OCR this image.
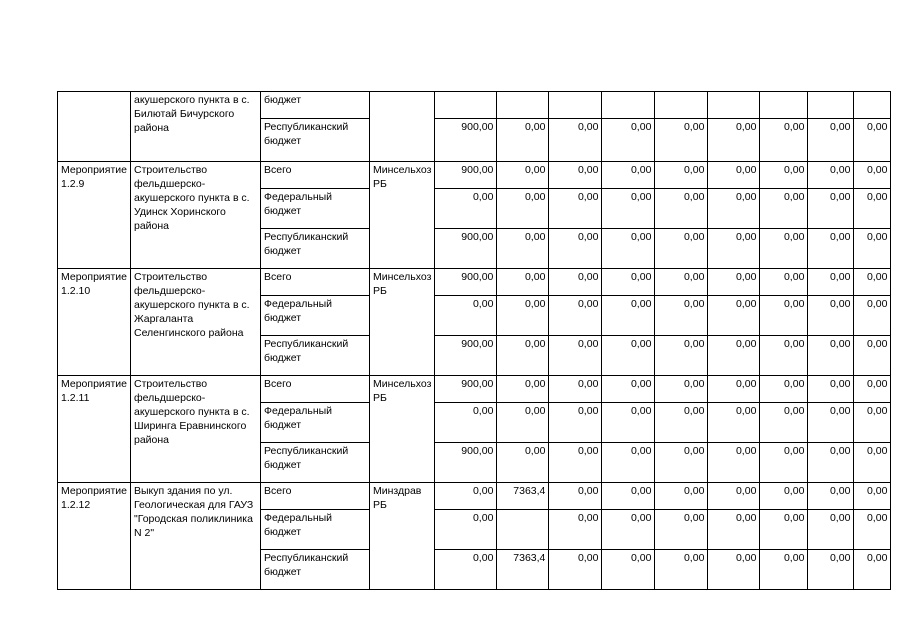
	акушерского пункта в с. Билютай Бичурского района	бюджет										
		Республиканский бюджет		900,00	0,00	0,00	0,00	0,00	0,00	0,00	0,00	0,00
Мероприятие 1.2.9	Строительство фельдшерско-акушерского пункта в с. Удинск Хоринского района	Всего	Минсельхоз РБ	900,00	0,00	0,00	0,00	0,00	0,00	0,00	0,00	0,00
		Федеральный бюджет		0,00	0,00	0,00	0,00	0,00	0,00	0,00	0,00	0,00
		Республиканский бюджет		900,00	0,00	0,00	0,00	0,00	0,00	0,00	0,00	0,00
Мероприятие 1.2.10	Строительство фельдшерско-акушерского пункта в с. Жаргаланта Селенгинского района	Всего	Минсельхоз РБ	900,00	0,00	0,00	0,00	0,00	0,00	0,00	0,00	0,00
		Федеральный бюджет		0,00	0,00	0,00	0,00	0,00	0,00	0,00	0,00	0,00
		Республиканский бюджет		900,00	0,00	0,00	0,00	0,00	0,00	0,00	0,00	0,00
Мероприятие 1.2.11	Строительство фельдшерско-акушерского пункта в с. Ширинга Еравнинского района	Всего	Минсельхоз РБ	900,00	0,00	0,00	0,00	0,00	0,00	0,00	0,00	0,00
		Федеральный бюджет		0,00	0,00	0,00	0,00	0,00	0,00	0,00	0,00	0,00
		Республиканский бюджет		900,00	0,00	0,00	0,00	0,00	0,00	0,00	0,00	0,00
Мероприятие 1.2.12	Выкуп здания по ул. Геологическая для ГАУЗ "Городская поликлиника N 2"	Всего	Минздрав РБ	0,00	7363,4	0,00	0,00	0,00	0,00	0,00	0,00	0,00
		Федеральный бюджет		0,00		0,00	0,00	0,00	0,00	0,00	0,00	0,00
		Республиканский бюджет		0,00	7363,4	0,00	0,00	0,00	0,00	0,00	0,00	0,00
